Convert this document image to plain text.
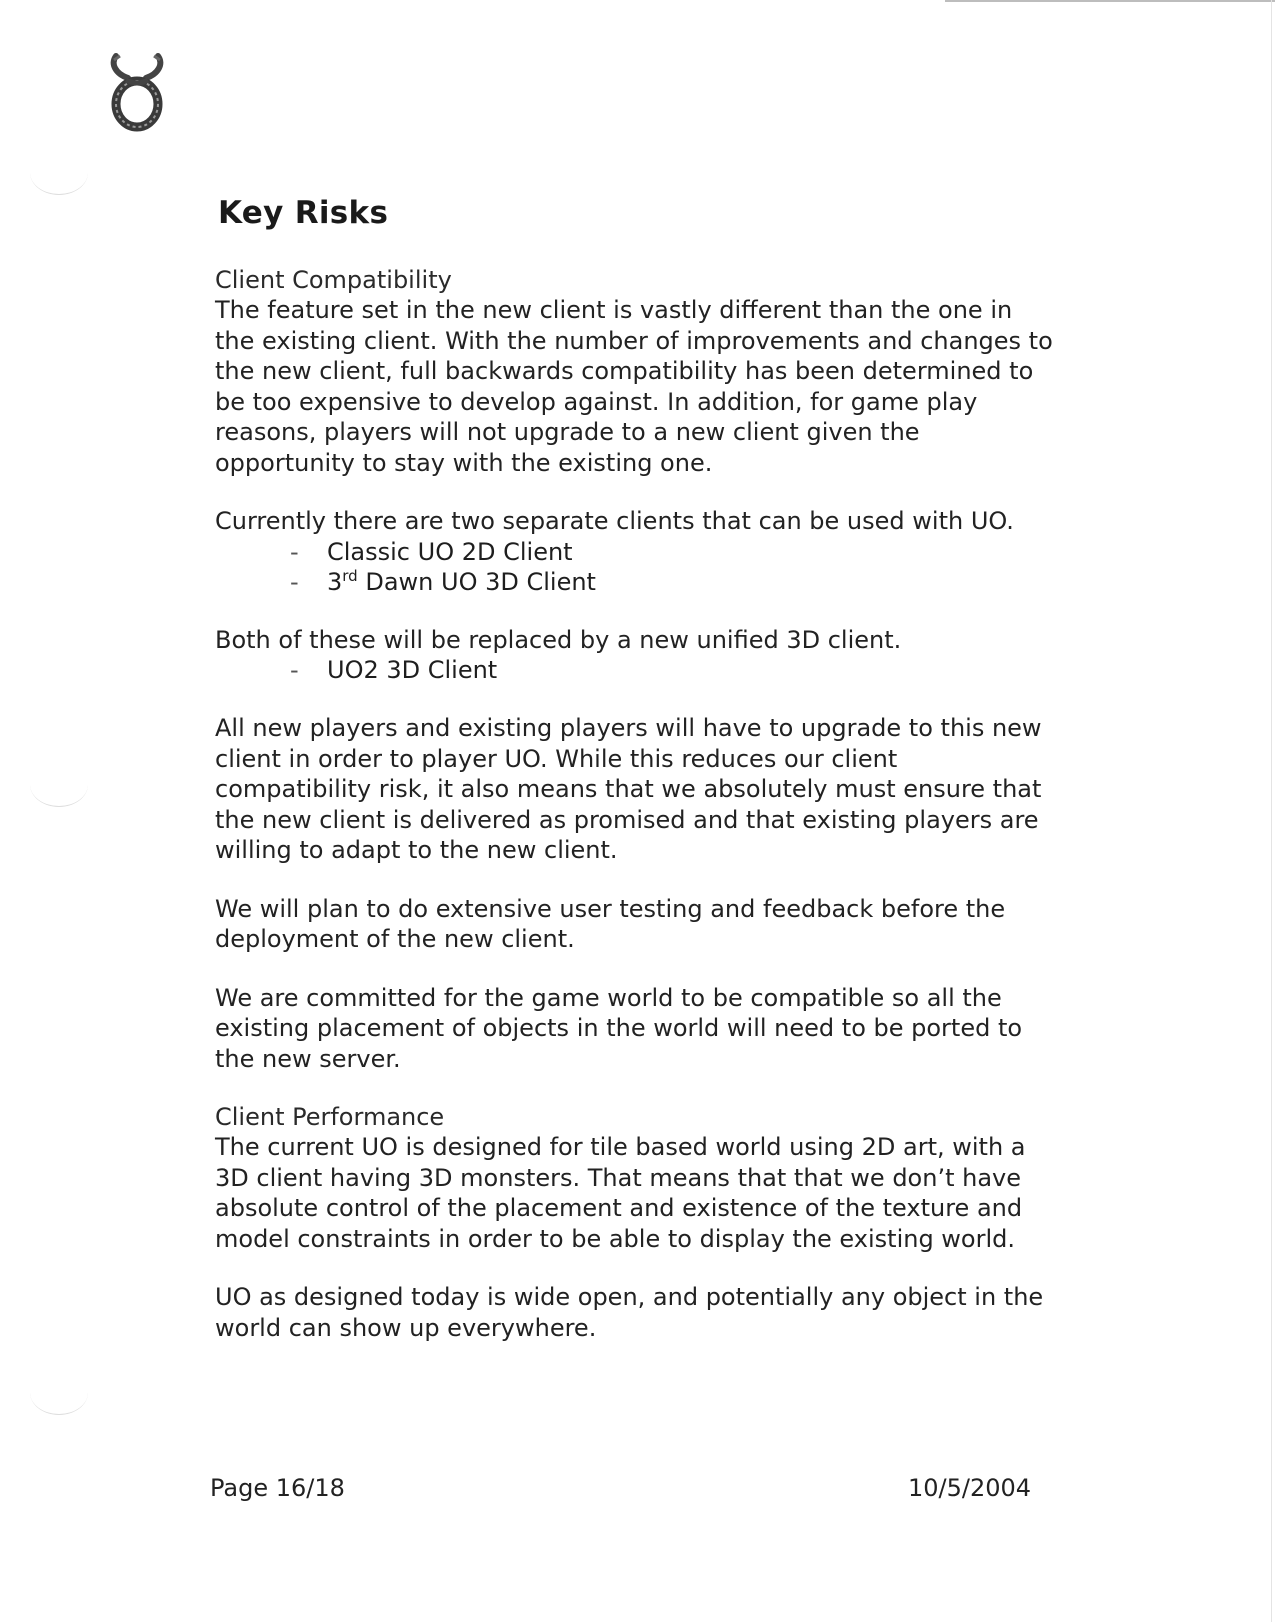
Key Risks

Client Compatibility

The feature set in the new client is vastly different than the one in the existing client. With the number of improvements and changes to the new client, full backwards compatibility has been determined to be too expensive to develop against. In addition, for game play reasons, players will not upgrade to a new client given the opportunity to stay with the existing one.

Currently there are two separate clients that can be used with UO.

- Classic UO 2D Client
- 3rd Dawn UO 3D Client

Both of these will be replaced by a new unified 3D client.

- UO2 3D Client

All new players and existing players will have to upgrade to this new client in order to player UO. While this reduces our client compatibility risk, it also means that we absolutely must ensure that the new client is delivered as promised and that existing players are willing to adapt to the new client.

We will plan to do extensive user testing and feedback before the deployment of the new client.

We are committed for the game world to be compatible so all the existing placement of objects in the world will need to be ported to the new server.

Client Performance

The current UO is designed for tile based world using 2D art, with a 3D client having 3D monsters. That means that that we don’t have absolute control of the placement and existence of the texture and model constraints in order to be able to display the existing world.

UO as designed today is wide open, and potentially any object in the world can show up everywhere.

Page 16/18	10/5/2004
